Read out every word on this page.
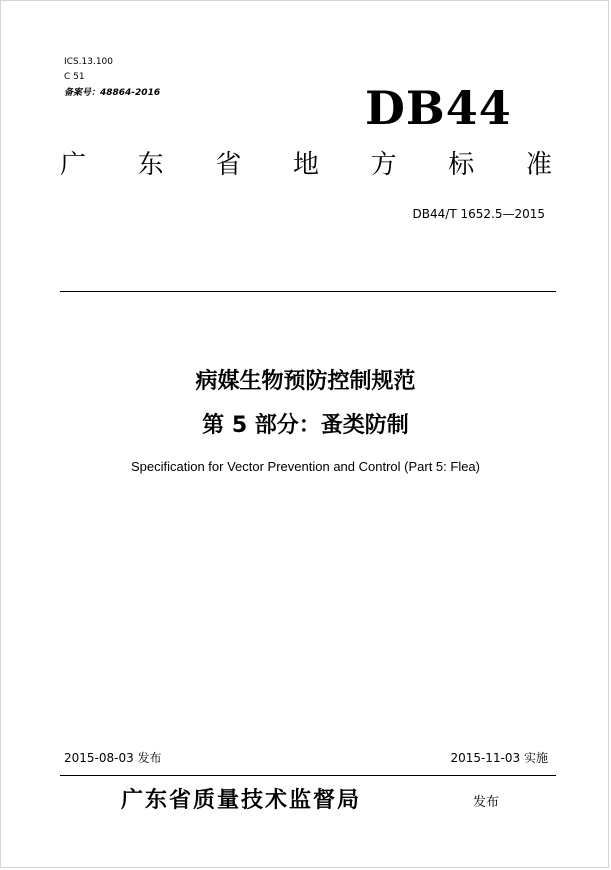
ICS.13.100
C 51
备案号：48864-2016	DB44
广 东 省 地 方 标 准
DB44/T 1652.5—2015
病媒生物预防控制规范
第 5 部分：蚤类防制
Specification for Vector Prevention and Control (Part 5: Flea)
2015-08-03 发布	2015-11-03 实施
广东省质量技术监督局	发布
